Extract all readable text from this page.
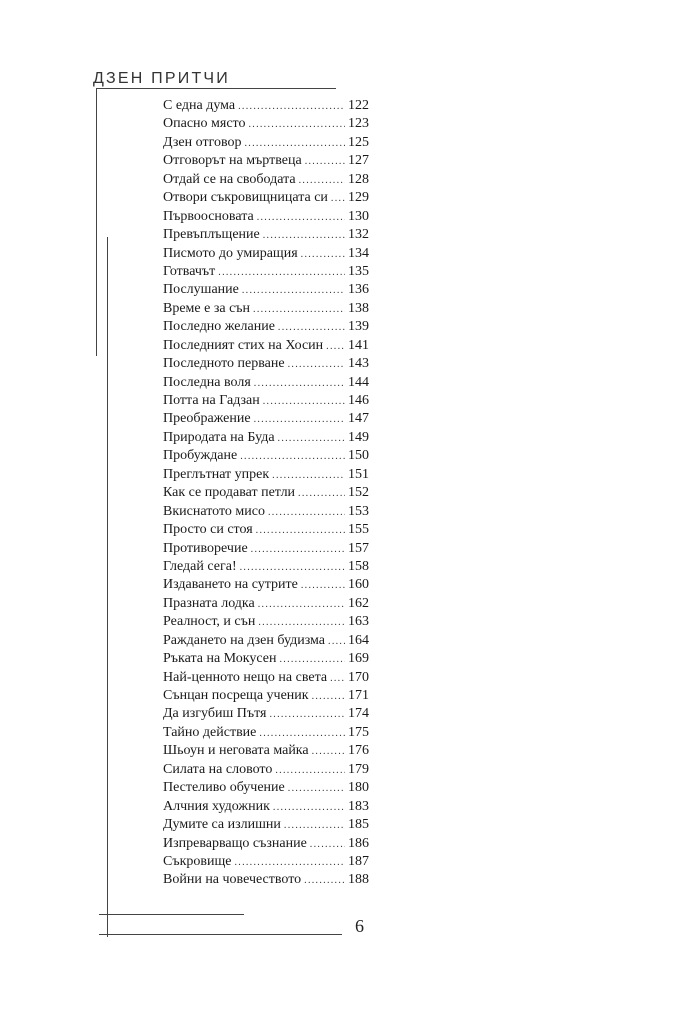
ДЗЕН ПРИТЧИ
С една дума .....	122
Опасно място .....	123
Дзен отговор .....	125
Отговорът на мъртвеца .....	127
Отдай се на свободата .....	128
Отвори съкровищницата си ..... 129
Първоосновата .....	130
Превъплъщение .....	132
Писмото до умиращия .....	134
Готвачът .....	135
Послушание .....	136
Време е за сън .....	138
Последно желание .....	139
Последният стих на Хосин ..... 141
Последното перване .....	143
Последна воля .....	144
Потта на Гадзан .....	146
Преображение .....	147
Природата на Буда .....	149
Пробуждане .....	150
Преглътнат упрек .....	151
Как се продават петли .....	152
Вкиснатото мисо .....	153
Просто си стоя .....	155
Противоречие .....	157
Гледай сега! .....	158
Издаването на сутрите .....	160
Празната лодка .....	162
Реалност, и сън .....	163
Раждането на дзен будизма ..... 164
Ръката на Мокусен .....	169
Най-ценното нещо на света ..... 170
Сънцан посреща ученик .....	171
Да изгубиш Пътя .....	174
Тайно действие .....	175
Шьоун и неговата майка .....	176
Силата на словото .....	179
Пестеливо обучение .....	180
Алчния художник .....	183
Думите са излишни .....	185
Изпреварващо съзнание .....	186
Съкровище .....	187
Войни на човечеството .....	188
6
